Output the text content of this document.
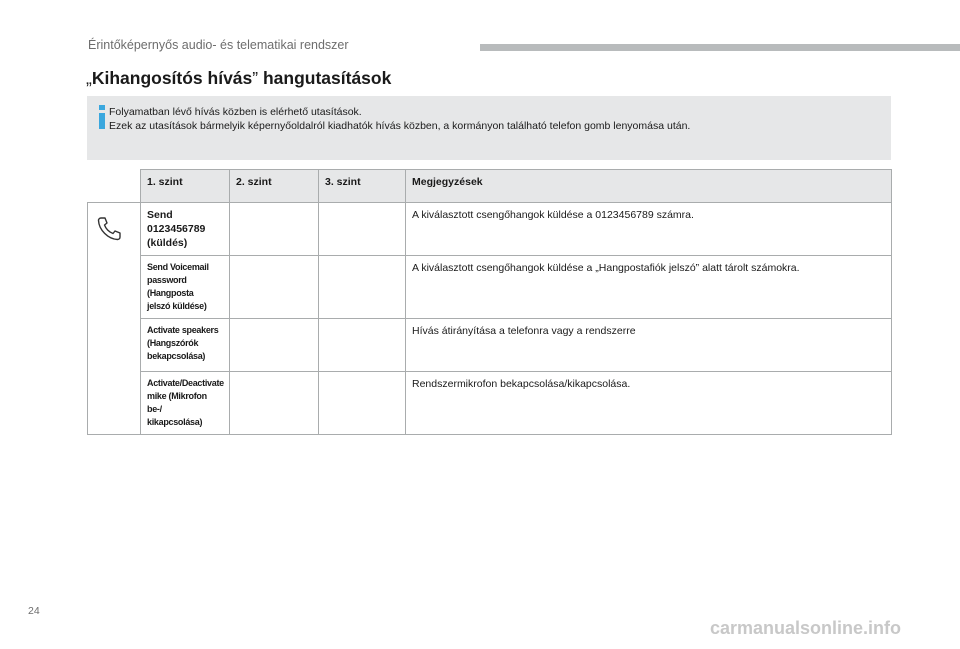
Érintőképernyős audio- és telematikai rendszer
„Kihangosítós hívás” hangutasítások
Folyamatban lévő hívás közben is elérhető utasítások.
Ezek az utasítások bármelyik képernyőoldalról kiadhatók hívás közben, a kormányon található telefon gomb lenyomása után.
	1. szint	2. szint	3. szint	Megjegyzések

Send
0123456789
(küldés)			A kiválasztott csengőhangok küldése a 0123456789 számra.

	Send Voicemail
password (Hangposta
jelszó küldése)			A kiválasztott csengőhangok küldése a „Hangpostafiók jelszó” alatt tárolt számokra.

	Activate speakers
(Hangszórók
bekapcsolása)			Hívás átirányítása a telefonra vagy a rendszerre

	Activate/Deactivate
mike (Mikrofon be-/
kikapcsolása)			Rendszermikrofon bekapcsolása/kikapcsolása.
24
carmanualsonline.info
